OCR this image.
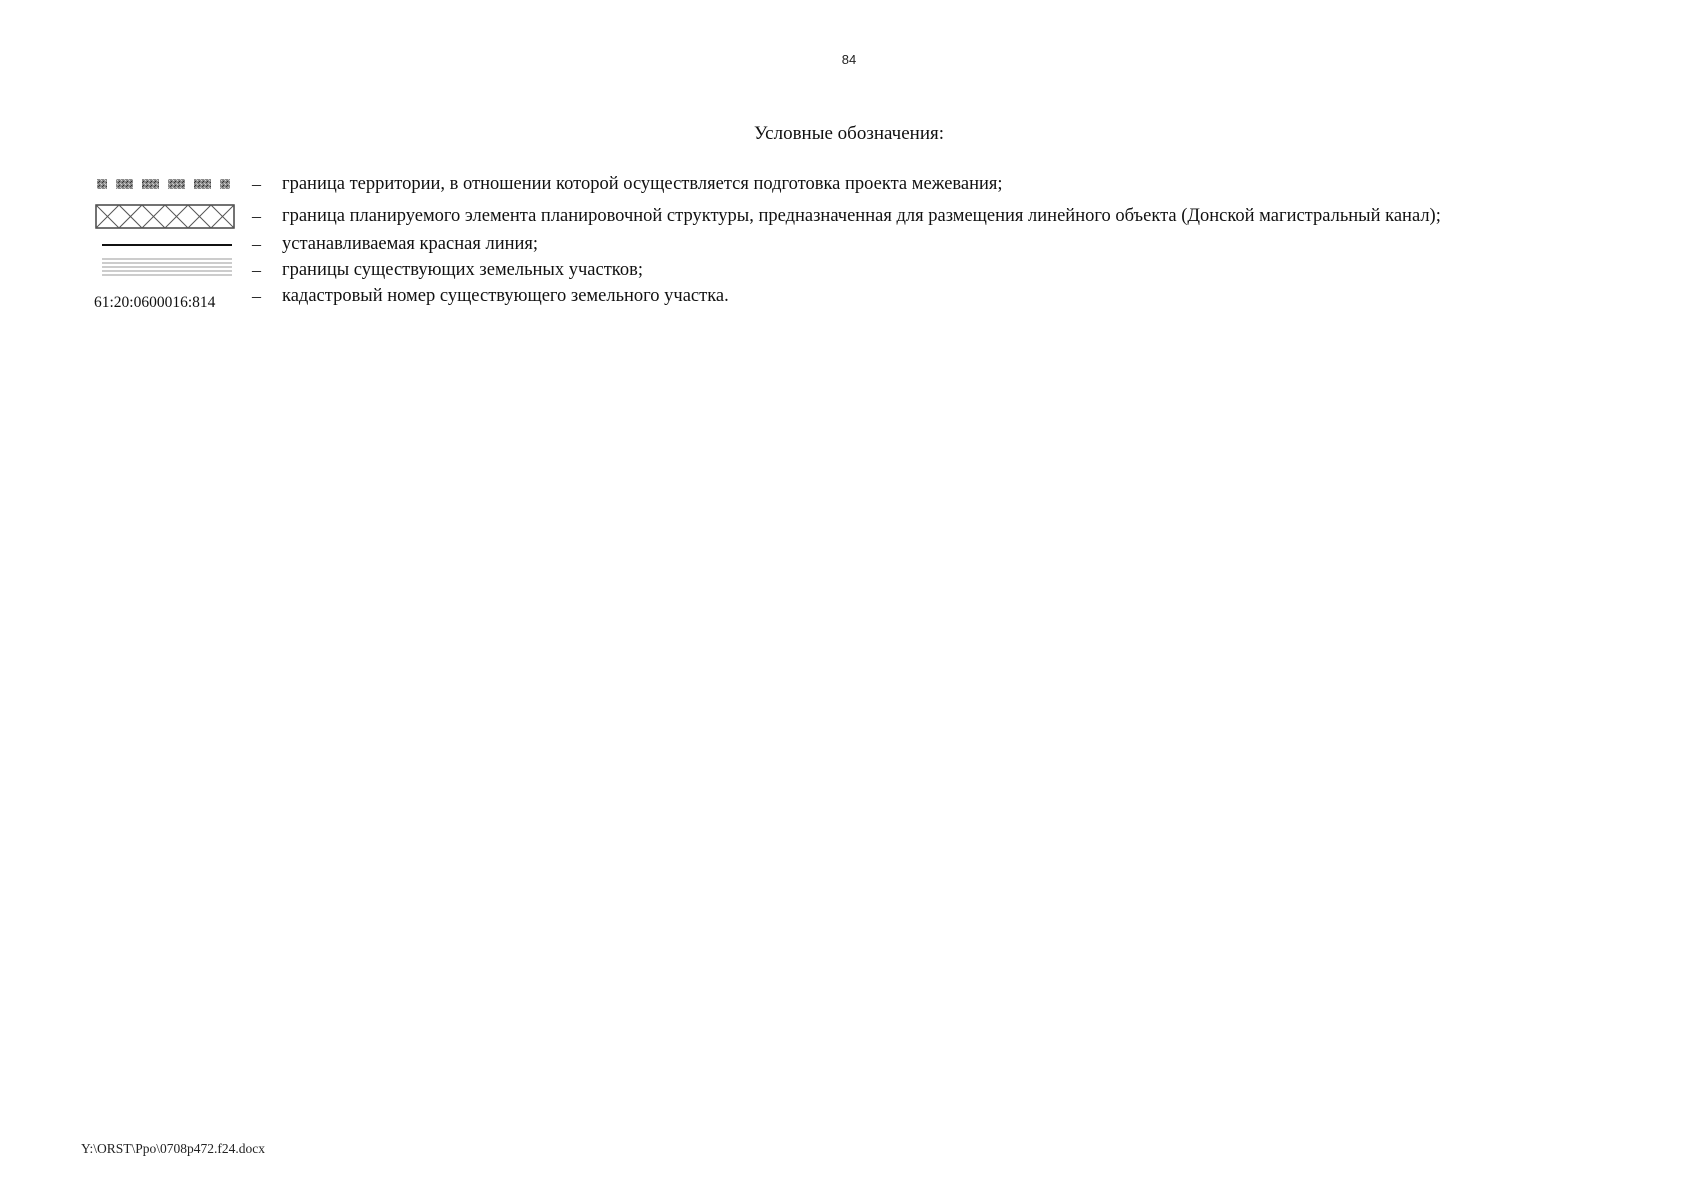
84
Условные обозначения:
– граница территории, в отношении которой осуществляется подготовка проекта межевания;
– граница планируемого элемента планировочной структуры, предназначенная для размещения линейного объекта (Донской магистральный канал);
– устанавливаемая красная линия;
– границы существующих земельных участков;
61:20:0600016:814 – кадастровый номер существующего земельного участка.
Y:\ORST\Ppo\0708p472.f24.docx
